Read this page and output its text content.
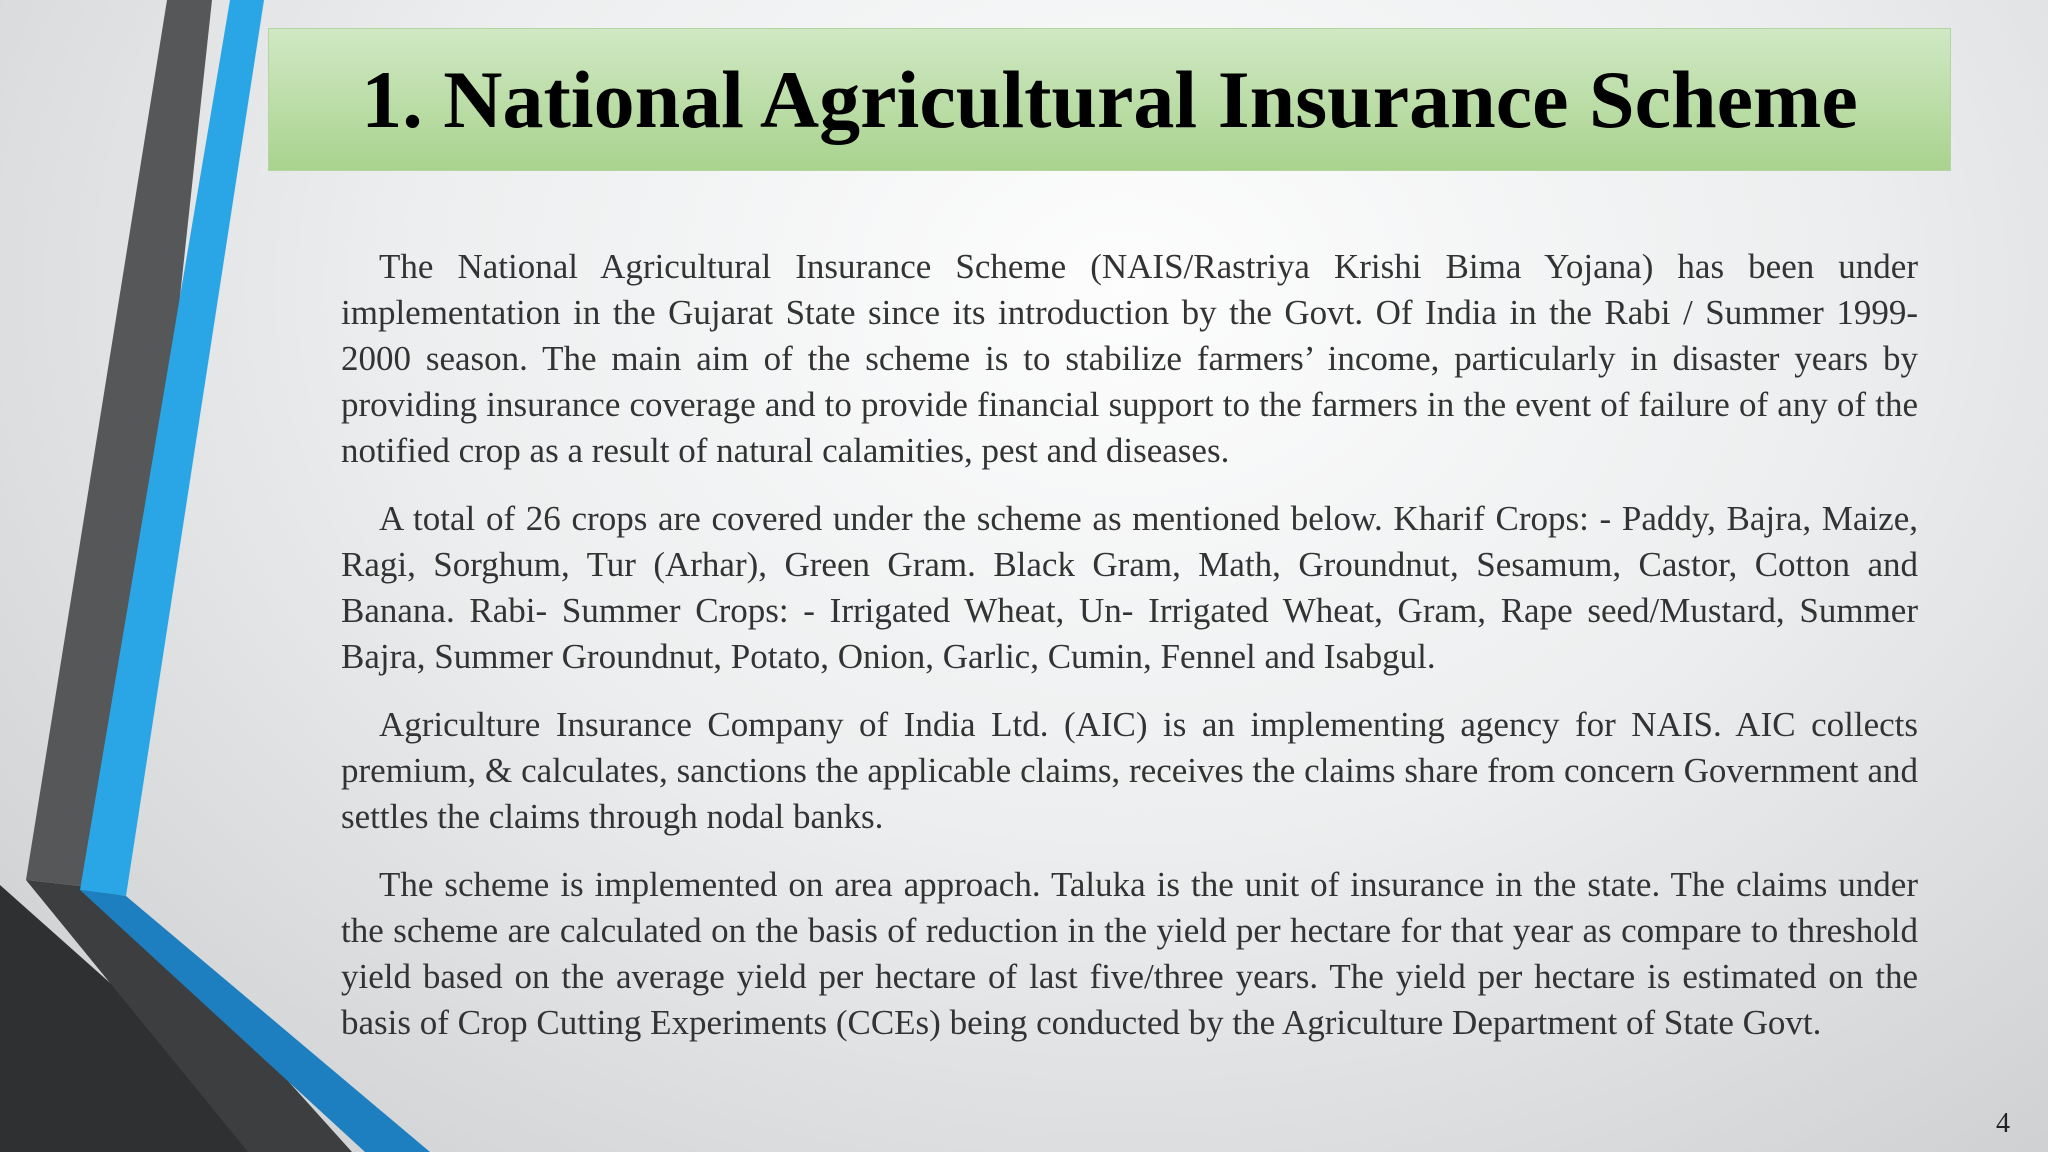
1. National Agricultural Insurance Scheme

The National Agricultural Insurance Scheme (NAIS/Rastriya Krishi Bima Yojana) has been under implementation in the Gujarat State since its introduction by the Govt. Of India in the Rabi / Summer 1999-2000 season. The main aim of the scheme is to stabilize farmers’ income, particularly in disaster years by providing insurance coverage and to provide financial support to the farmers in the event of failure of any of the notified crop as a result of natural calamities, pest and diseases.

A total of 26 crops are covered under the scheme as mentioned below. Kharif Crops: - Paddy, Bajra, Maize, Ragi, Sorghum, Tur (Arhar), Green Gram. Black Gram, Math, Groundnut, Sesamum, Castor, Cotton and Banana. Rabi- Summer Crops: - Irrigated Wheat, Un- Irrigated Wheat, Gram, Rape seed/Mustard, Summer Bajra, Summer Groundnut, Potato, Onion, Garlic, Cumin, Fennel and Isabgul.

Agriculture Insurance Company of India Ltd. (AIC) is an implementing agency for NAIS. AIC collects premium, & calculates, sanctions the applicable claims, receives the claims share from concern Government and settles the claims through nodal banks.

The scheme is implemented on area approach. Taluka is the unit of insurance in the state. The claims under the scheme are calculated on the basis of reduction in the yield per hectare for that year as compare to threshold yield based on the average yield per hectare of last five/three years. The yield per hectare is estimated on the basis of Crop Cutting Experiments (CCEs) being conducted by the Agriculture Department of State Govt.

4
